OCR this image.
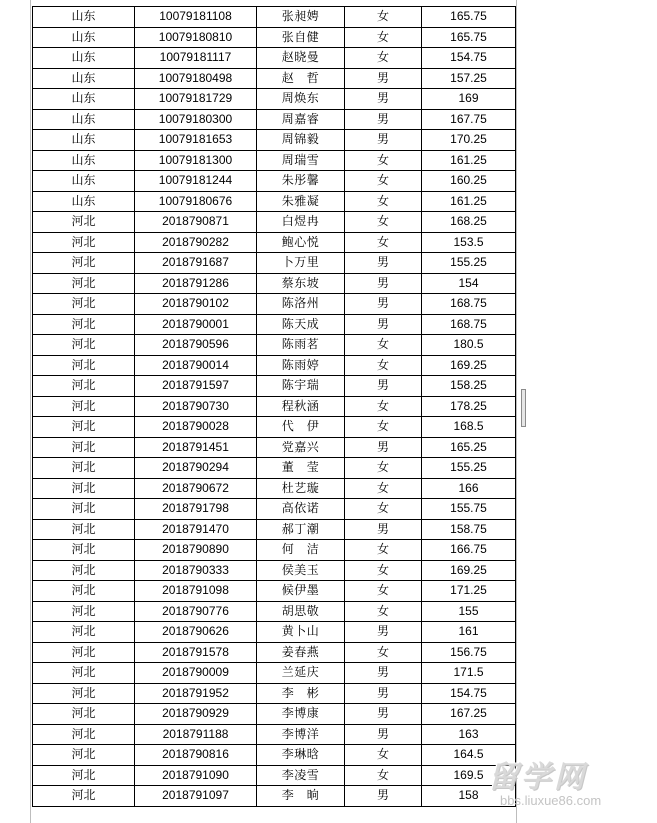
山东	10079181108	张昶娉	女	165.75
山东	10079180810	张自健	女	165.75
山东	10079181117	赵晓曼	女	154.75
山东	10079180498	赵　哲	男	157.25
山东	10079181729	周焕东	男	169
山东	10079180300	周嘉睿	男	167.75
山东	10079181653	周锦毅	男	170.25
山东	10079181300	周瑞雪	女	161.25
山东	10079181244	朱彤馨	女	160.25
山东	10079180676	朱雅凝	女	161.25
河北	2018790871	白煜冉	女	168.25
河北	2018790282	鲍心悦	女	153.5
河北	2018791687	卜万里	男	155.25
河北	2018791286	蔡东坡	男	154
河北	2018790102	陈洛州	男	168.75
河北	2018790001	陈天成	男	168.75
河北	2018790596	陈雨茗	女	180.5
河北	2018790014	陈雨婷	女	169.25
河北	2018791597	陈宇瑞	男	158.25
河北	2018790730	程秋涵	女	178.25
河北	2018790028	代　伊	女	168.5
河北	2018791451	党嘉兴	男	165.25
河北	2018790294	董　莹	女	155.25
河北	2018790672	杜艺璇	女	166
河北	2018791798	高依诺	女	155.75
河北	2018791470	郝丁潮	男	158.75
河北	2018790890	何　洁	女	166.75
河北	2018790333	侯美玉	女	169.25
河北	2018791098	候伊墨	女	171.25
河北	2018790776	胡思敬	女	155
河北	2018790626	黄卜山	男	161
河北	2018791578	姜春燕	女	156.75
河北	2018790009	兰延庆	男	171.5
河北	2018791952	李　彬	男	154.75
河北	2018790929	李博康	男	167.25
河北	2018791188	李博洋	男	163
河北	2018790816	李琳晗	女	164.5
河北	2018791090	李凌雪	女	169.5
河北	2018791097	李　晌	男	158
留学网
bbs.liuxue86.com
